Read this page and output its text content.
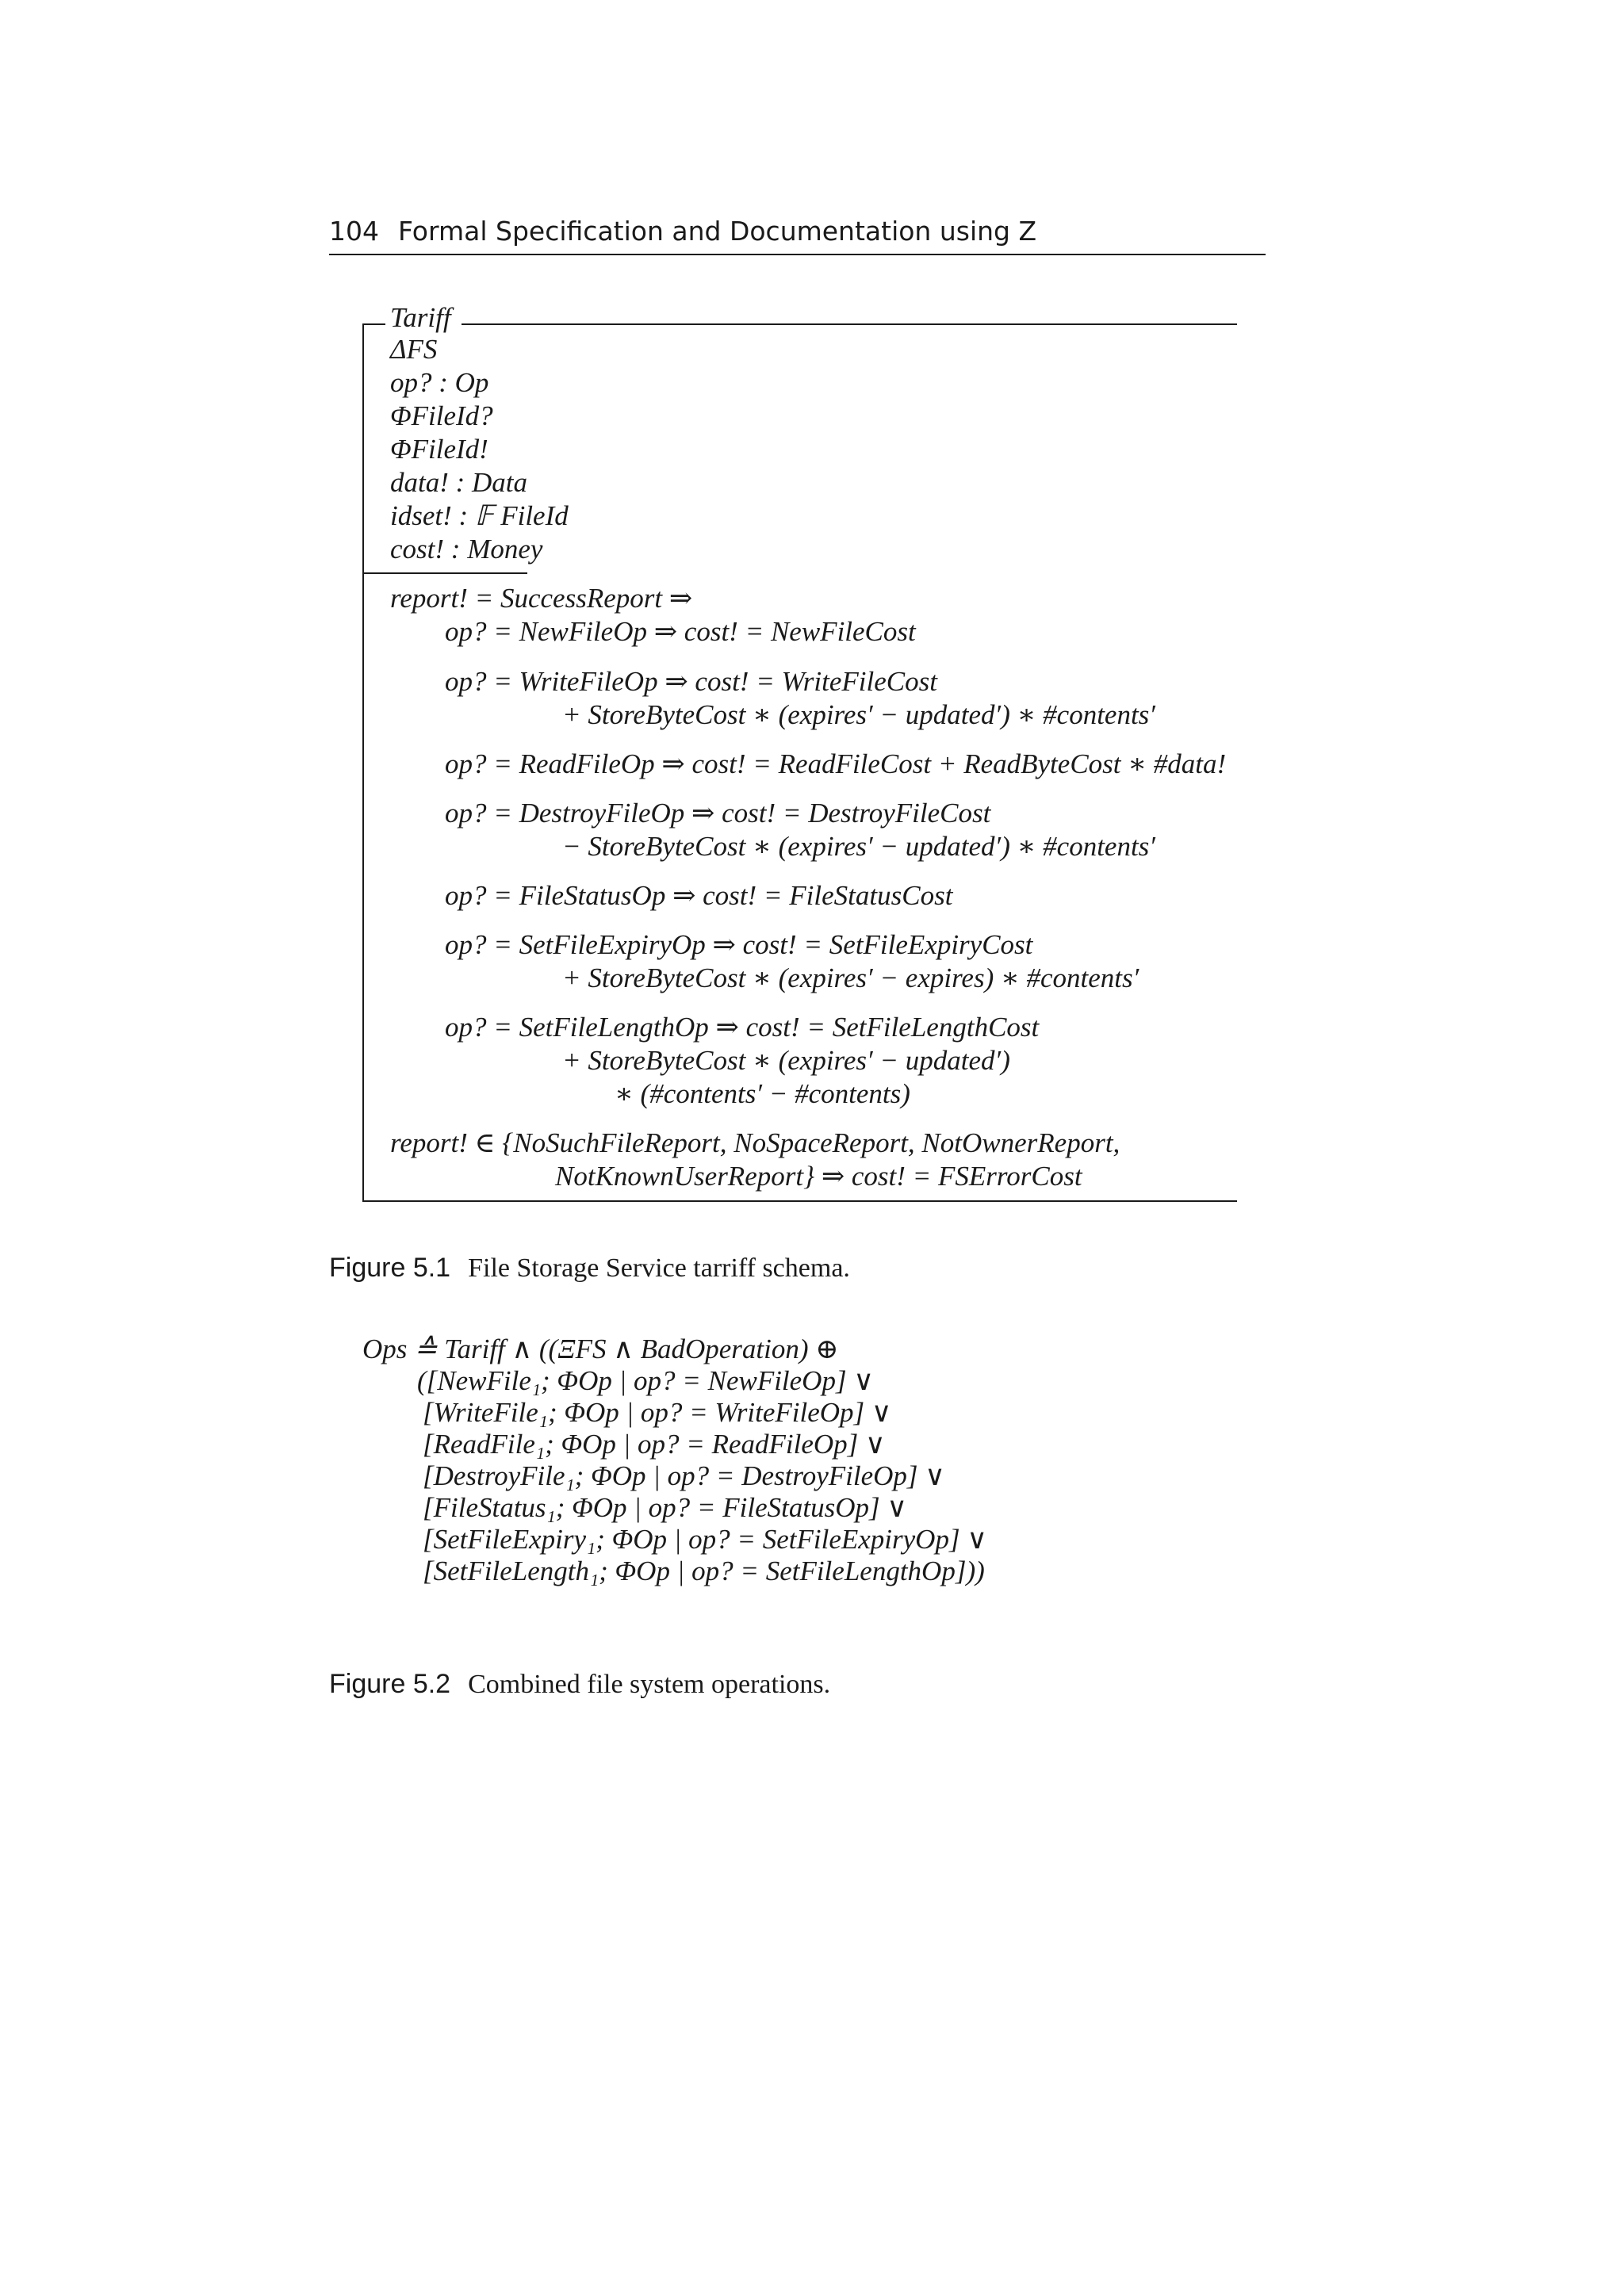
104 Formal Specification and Documentation using Z
Tariff
ΔFS
op? : Op
ΦFileId?
ΦFileId!
data! : Data
idset! : 𝔽 FileId
cost! : Money
report! = SuccessReport ⇒
op? = NewFileOp ⇒ cost! = NewFileCost
op? = WriteFileOp ⇒ cost! = WriteFileCost
+ StoreByteCost ∗ (expires′ − updated′) ∗ #contents′
op? = ReadFileOp ⇒ cost! = ReadFileCost + ReadByteCost ∗ #data!
op? = DestroyFileOp ⇒ cost! = DestroyFileCost
− StoreByteCost ∗ (expires′ − updated′) ∗ #contents′
op? = FileStatusOp ⇒ cost! = FileStatusCost
op? = SetFileExpiryOp ⇒ cost! = SetFileExpiryCost
+ StoreByteCost ∗ (expires′ − expires) ∗ #contents′
op? = SetFileLengthOp ⇒ cost! = SetFileLengthCost
+ StoreByteCost ∗ (expires′ − updated′)
∗ (#contents′ − #contents)
report! ∈ {NoSuchFileReport, NoSpaceReport, NotOwnerReport,
NotKnownUserReport} ⇒ cost! = FSErrorCost
Figure 5.1 File Storage Service tarriff schema.
Ops ≙ Tariff ∧ ((ΞFS ∧ BadOperation) ⊕
([NewFile₁; ΦOp | op? = NewFileOp] ∨
[WriteFile₁; ΦOp | op? = WriteFileOp] ∨
[ReadFile₁; ΦOp | op? = ReadFileOp] ∨
[DestroyFile₁; ΦOp | op? = DestroyFileOp] ∨
[FileStatus₁; ΦOp | op? = FileStatusOp] ∨
[SetFileExpiry₁; ΦOp | op? = SetFileExpiryOp] ∨
[SetFileLength₁; ΦOp | op? = SetFileLengthOp]))
Figure 5.2 Combined file system operations.
